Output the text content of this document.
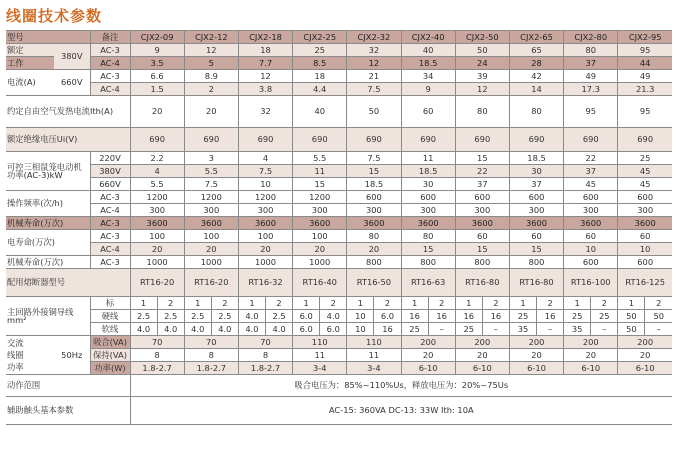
线圈技术参数
型号		备注	CJX2-09		CJX2-12		CJX2-18		CJX2-25		CJX2-32		CJX2-40		CJX2-50		CJX2-65		CJX2-80		CJX2-95	
额定	380V	AC-3	9		12		18		25		32		40		50		65		80		95	
工作		AC-4	3.5		5		7.7		8.5		12		18.5		24		28		37		44	
电流(A)	660V	AC-3	6.6		8.9		12		18		21		34		39		42		49		49	
		AC-4	1.5		2		3.8		4.4		7.5		9		12		14		17.3		21.3	
约定自由空气发热电流Ith(A)			20		20		32		40		50		60		80		80		95		95	
额定绝缘电压Ui(V)			690		690		690		690		690		690		690		690		690		690	
可控三相鼠笼电动机功率(AC-3)kW		220V	2.2		3		4		5.5		7.5		11		15		18.5		22		25	
		380V	4		5.5		7.5		11		15		18.5		22		30		37		45	
		660V	5.5		7.5		10		15		18.5		30		37		37		45		45	
操作频率(次/h)		AC-3	1200		1200		1200		1200		600		600		600		600		600		600	
		AC-4	300		300		300		300		300		300		300		300		300		300	
机械寿命(万次)		AC-3	3600		3600		3600		3600		3600		3600		3600		3600		3600		3600	
电寿命(万次)		AC-3	100		100		100		100		80		80		60		60		60		60	
		AC-4	20		20		20		20		20		15		15		15		10		10	
机械寿命(万次)		AC-3	1000		1000		1000		1000		800		800		800		800		600		600	
配用熔断器型号			RT16-20		RT16-20		RT16-32		RT16-40		RT16-50		RT16-63		RT16-80		RT16-80		RT16-100		RT16-125	
主回路外接铜导线mm²		标	1	2	1	2	1	2	1	2	1	2	1	2	1	2	1	2	1	2	1	2
		硬线	2.5	2.5	2.5	2.5	4.0	2.5	6.0	4.0	10	6.0	16	16	16	16	25	16	25	25	50	50
		软线	4.0	4.0	4.0	4.0	4.0	4.0	6.0	6.0	10	16	25	–	25	–	35	–	35	–	50	–

交流
线圈
功率	50Hz	吸合(VA)	70		70		70		110		110		200		200		200		200		200	
		保持(VA)	8		8		8		11		11		20		20		20		20		20	
		功率(W)	1.8-2.7		1.8-2.7		1.8-2.7		3-4		3-4		6-10		6-10		6-10		6-10		6-10	
动作范围			吸合电压为：85%~110%Us，释放电压为：20%~75Us																			
辅助触头基本参数			AC-15: 360VA DC-13: 33W Ith: 10A																			
